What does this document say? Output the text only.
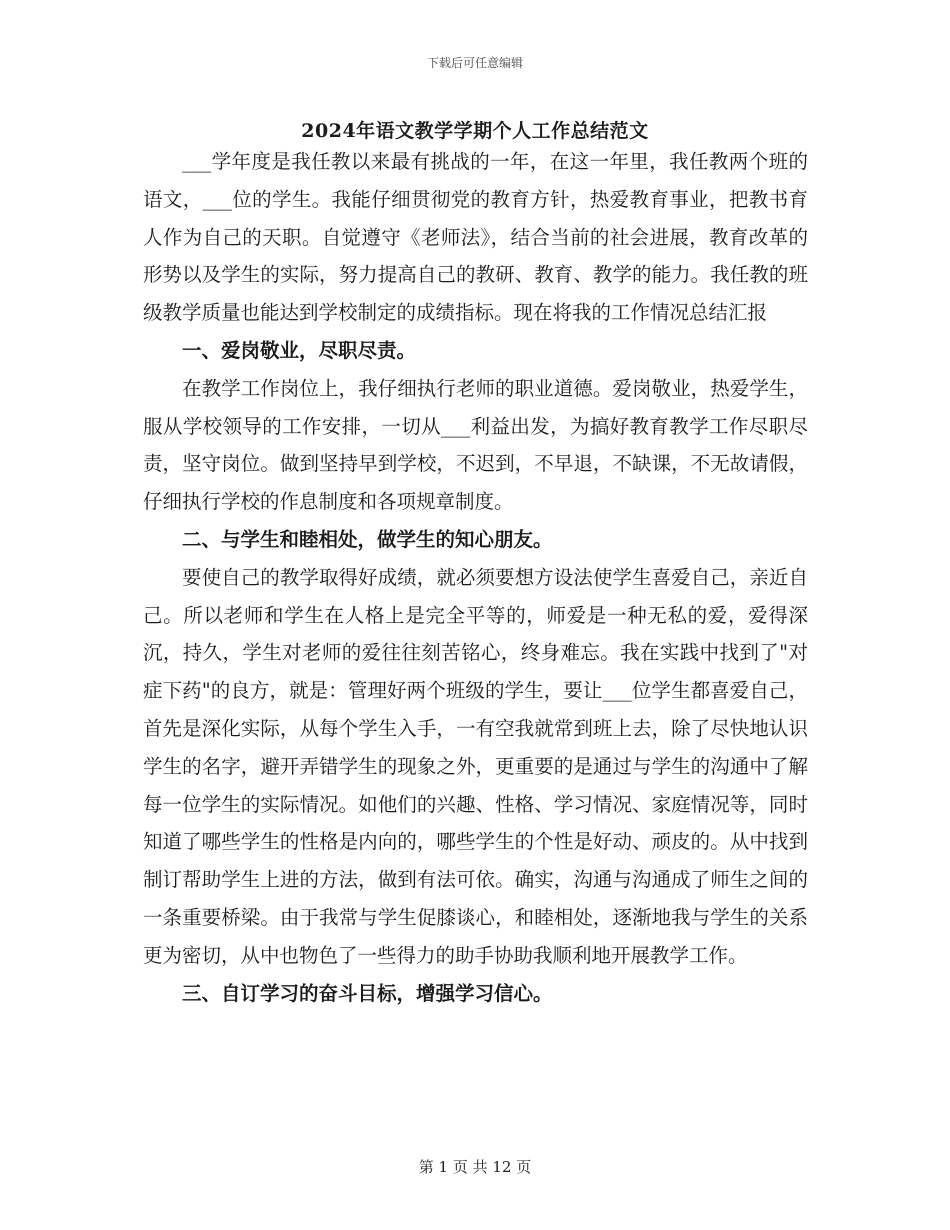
下载后可任意编辑
2024年语文教学学期个人工作总结范文

___学年度是我任教以来最有挑战的一年，在这一年里，我任教两个班的语文，___位的学生。我能仔细贯彻党的教育方针，热爱教育事业，把教书育人作为自己的天职。自觉遵守《老师法》，结合当前的社会进展，教育改革的形势以及学生的实际，努力提高自己的教研、教育、教学的能力。我任教的班级教学质量也能达到学校制定的成绩指标。现在将我的工作情况总结汇报

一、爱岗敬业，尽职尽责。

在教学工作岗位上，我仔细执行老师的职业道德。爱岗敬业，热爱学生，服从学校领导的工作安排，一切从___利益出发，为搞好教育教学工作尽职尽责，坚守岗位。做到坚持早到学校，不迟到，不早退，不缺课，不无故请假，仔细执行学校的作息制度和各项规章制度。

二、与学生和睦相处，做学生的知心朋友。

要使自己的教学取得好成绩，就必须要想方设法使学生喜爱自己，亲近自己。所以老师和学生在人格上是完全平等的，师爱是一种无私的爱，爱得深沉，持久，学生对老师的爱往往刻苦铭心，终身难忘。我在实践中找到了"对症下药"的良方，就是：管理好两个班级的学生，要让___位学生都喜爱自己，首先是深化实际，从每个学生入手，一有空我就常到班上去，除了尽快地认识学生的名字，避开弄错学生的现象之外，更重要的是通过与学生的沟通中了解每一位学生的实际情况。如他们的兴趣、性格、学习情况、家庭情况等，同时知道了哪些学生的性格是内向的，哪些学生的个性是好动、顽皮的。从中找到制订帮助学生上进的方法，做到有法可依。确实，沟通与沟通成了师生之间的一条重要桥梁。由于我常与学生促膝谈心，和睦相处，逐渐地我与学生的关系更为密切，从中也物色了一些得力的助手协助我顺利地开展教学工作。

三、自订学习的奋斗目标，增强学习信心。

第 1 页 共 12 页
